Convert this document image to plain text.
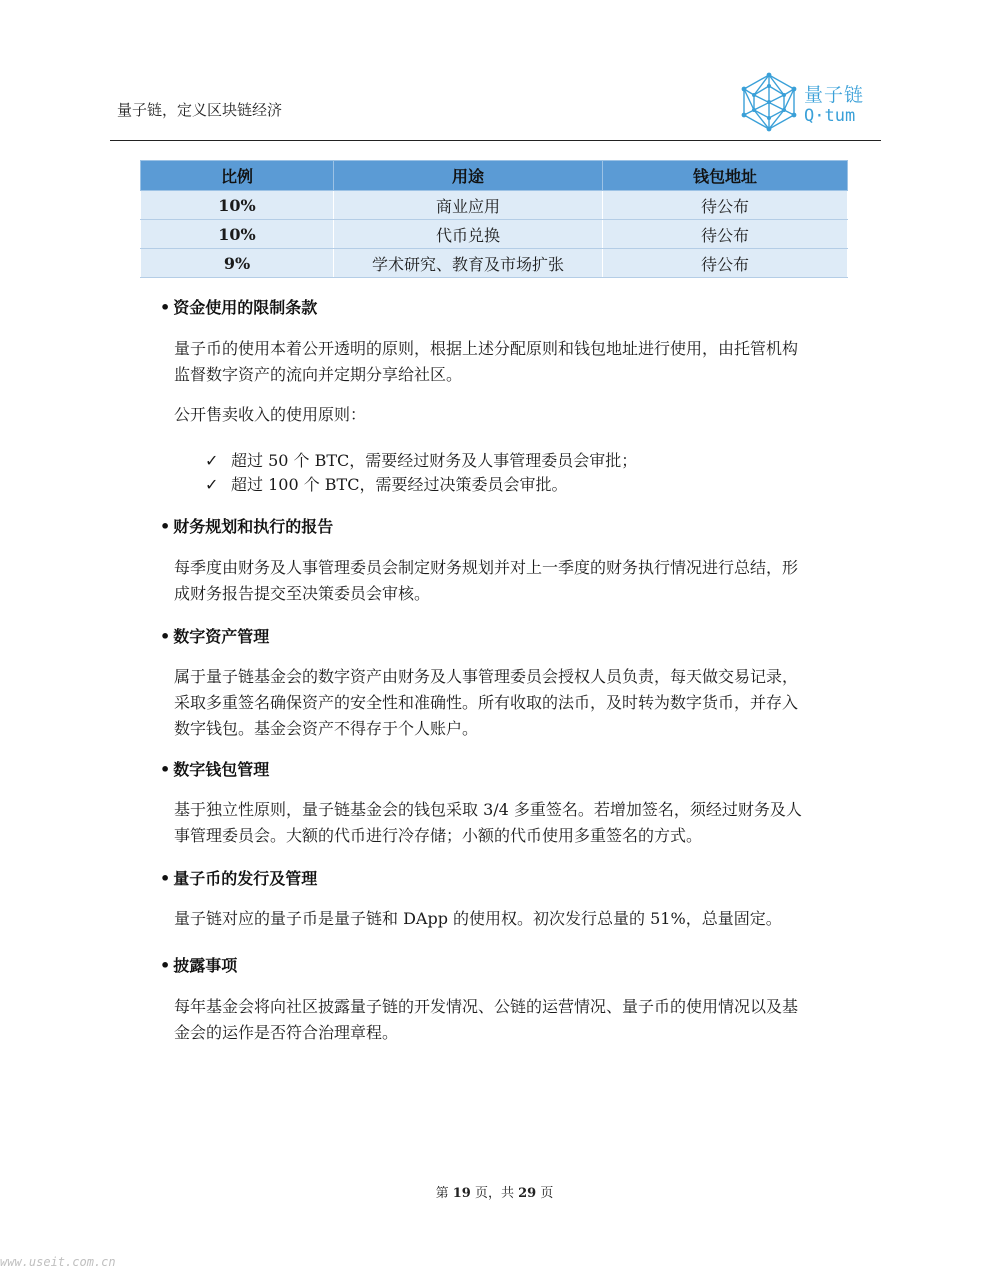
量子链，定义区块链经济
量子链
Q·tum
比例	用途	钱包地址
10%	商业应用	待公布
10%	代币兑换	待公布
9%	学术研究、教育及市场扩张	待公布
• 资金使用的限制条款
量子币的使用本着公开透明的原则，根据上述分配原则和钱包地址进行使用，由托管机构
监督数字资产的流向并定期分享给社区。
公开售卖收入的使用原则：
✓ 超过 50 个 BTC，需要经过财务及人事管理委员会审批；
✓ 超过 100 个 BTC，需要经过决策委员会审批。
• 财务规划和执行的报告
每季度由财务及人事管理委员会制定财务规划并对上一季度的财务执行情况进行总结，形
成财务报告提交至决策委员会审核。
• 数字资产管理
属于量子链基金会的数字资产由财务及人事管理委员会授权人员负责，每天做交易记录，
采取多重签名确保资产的安全性和准确性。所有收取的法币，及时转为数字货币，并存入
数字钱包。基金会资产不得存于个人账户。
• 数字钱包管理
基于独立性原则，量子链基金会的钱包采取 3/4 多重签名。若增加签名，须经过财务及人
事管理委员会。大额的代币进行冷存储；小额的代币使用多重签名的方式。
• 量子币的发行及管理
量子链对应的量子币是量子链和 DApp 的使用权。初次发行总量的 51%，总量固定。
• 披露事项
每年基金会将向社区披露量子链的开发情况、公链的运营情况、量子币的使用情况以及基
金会的运作是否符合治理章程。
第 19 页，共 29 页
www.useit.com.cn
